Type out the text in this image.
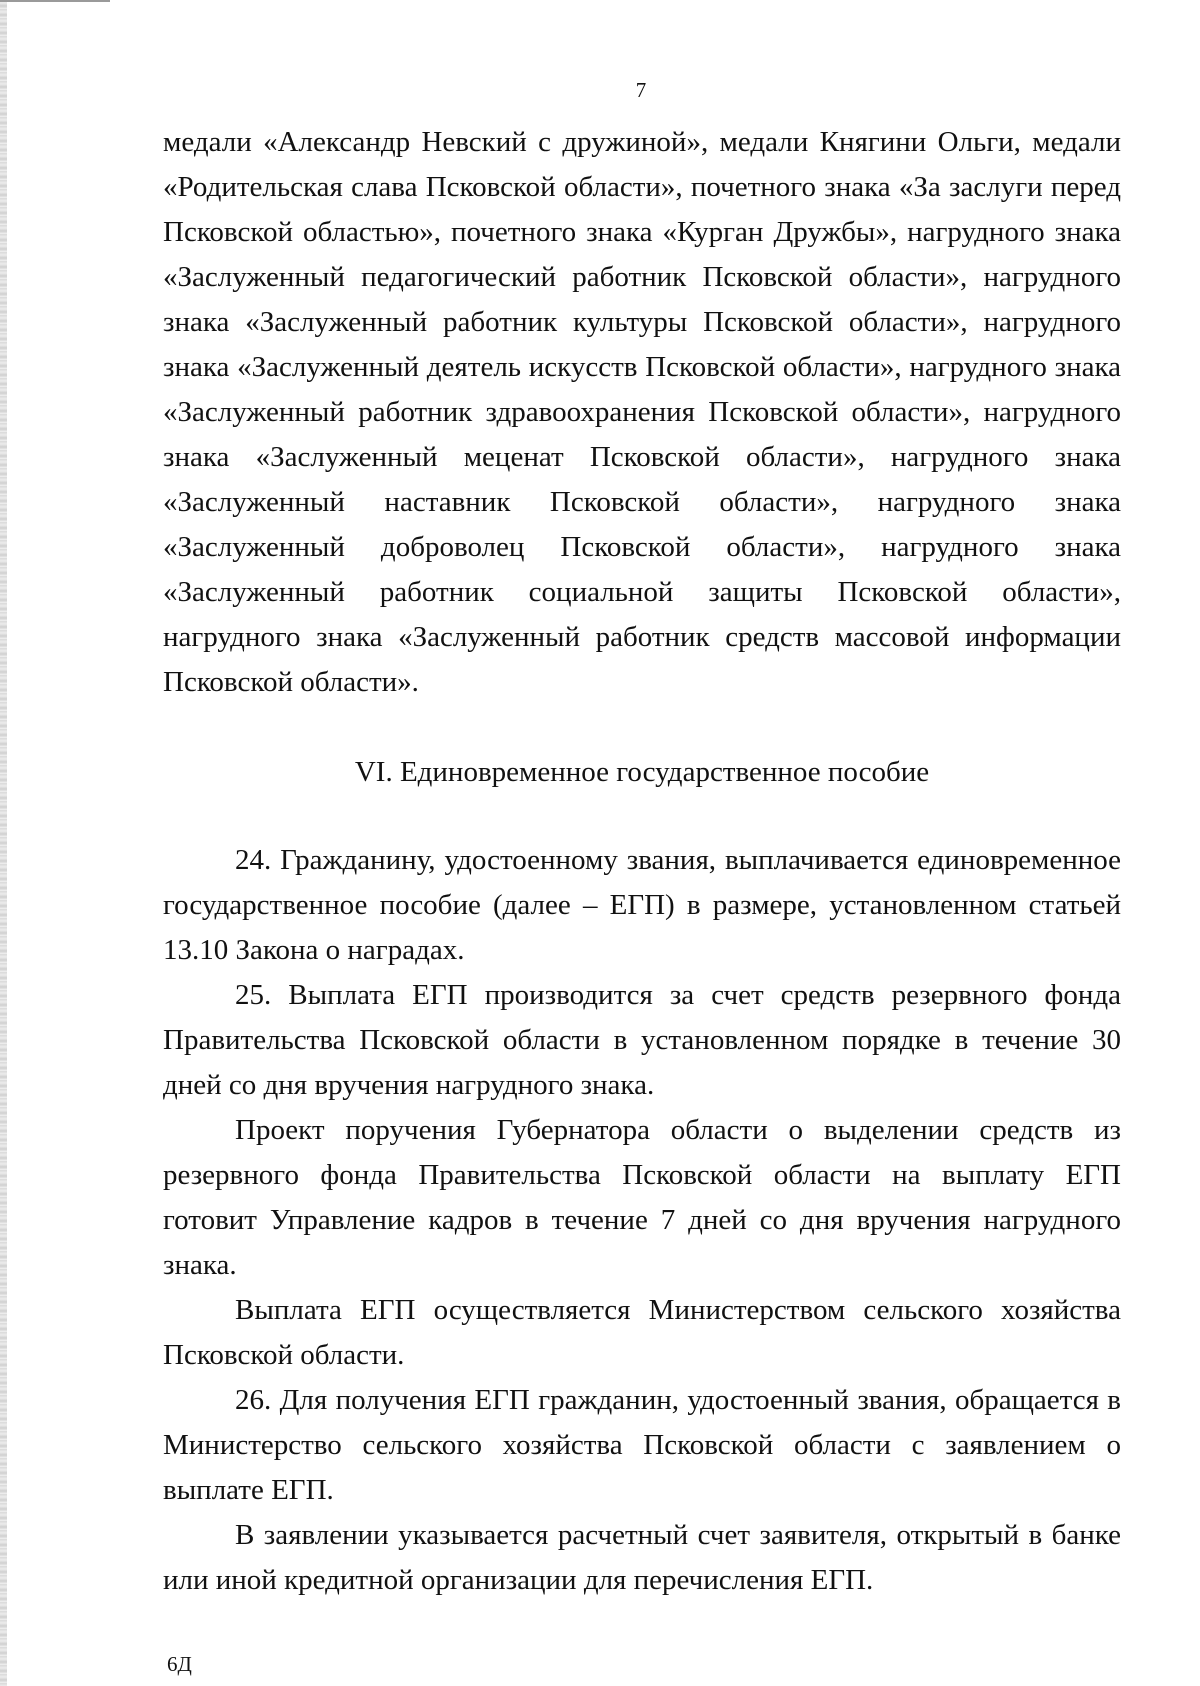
7

медали «Александр Невский с дружиной», медали Княгини Ольги, медали «Родительская слава Псковской области», почетного знака «За заслуги перед Псковской областью», почетного знака «Курган Дружбы», нагрудного знака «Заслуженный педагогический работник Псковской области», нагрудного знака «Заслуженный работник культуры Псковской области», нагрудного знака «Заслуженный деятель искусств Псковской области», нагрудного знака «Заслуженный работник здравоохранения Псковской области», нагрудного знака «Заслуженный меценат Псковской области», нагрудного знака «Заслуженный наставник Псковской области», нагрудного знака «Заслуженный доброволец Псковской области», нагрудного знака «Заслуженный работник социальной защиты Псковской области», нагрудного знака «Заслуженный работник средств массовой информации Псковской области».

VI. Единовременное государственное пособие

24. Гражданину, удостоенному звания, выплачивается единовременное государственное пособие (далее – ЕГП) в размере, установленном статьей 13.10 Закона о наградах.

25. Выплата ЕГП производится за счет средств резервного фонда Правительства Псковской области в установленном порядке в течение 30 дней со дня вручения нагрудного знака.

Проект поручения Губернатора области о выделении средств из резервного фонда Правительства Псковской области на выплату ЕГП готовит Управление кадров в течение 7 дней со дня вручения нагрудного знака.

Выплата ЕГП осуществляется Министерством сельского хозяйства Псковской области.

26. Для получения ЕГП гражданин, удостоенный звания, обращается в Министерство сельского хозяйства Псковской области с заявлением о выплате ЕГП.

В заявлении указывается расчетный счет заявителя, открытый в банке или иной кредитной организации для перечисления ЕГП.

6Д
